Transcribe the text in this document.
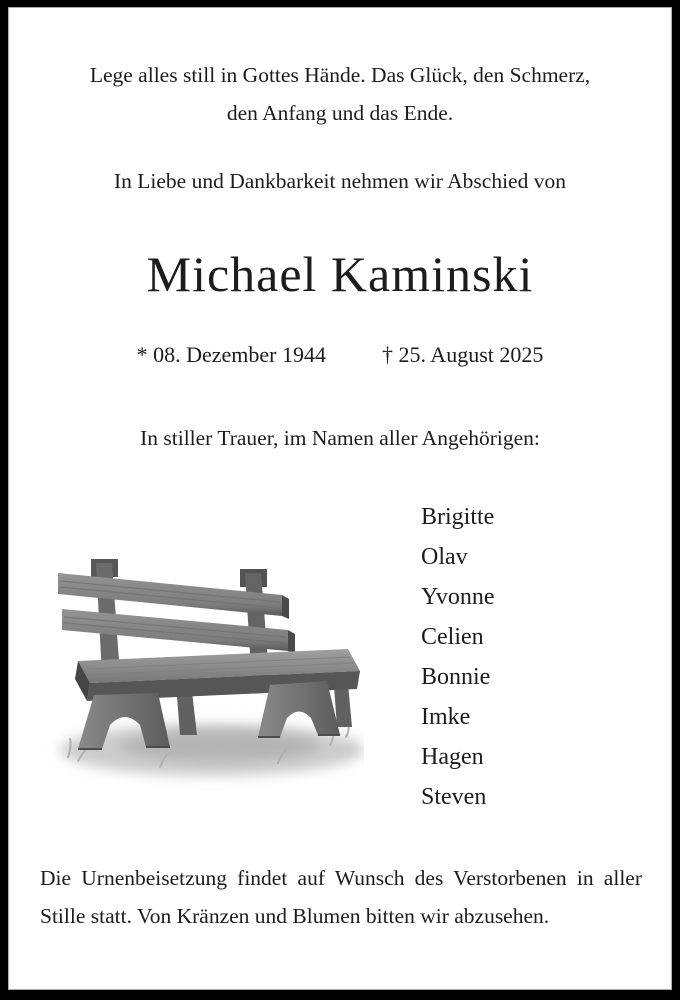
Lege alles still in Gottes Hände. Das Glück, den Schmerz,
den Anfang und das Ende.
In Liebe und Dankbarkeit nehmen wir Abschied von
Michael Kaminski
* 08. Dezember 1944	† 25. August 2025
In stiller Trauer, im Namen aller Angehörigen:
Brigitte
Olav
Yvonne
Celien
Bonnie
Imke
Hagen
Steven
Die Urnenbeisetzung findet auf Wunsch des Verstorbenen in aller Stille statt. Von Kränzen und Blumen bitten wir abzusehen.
